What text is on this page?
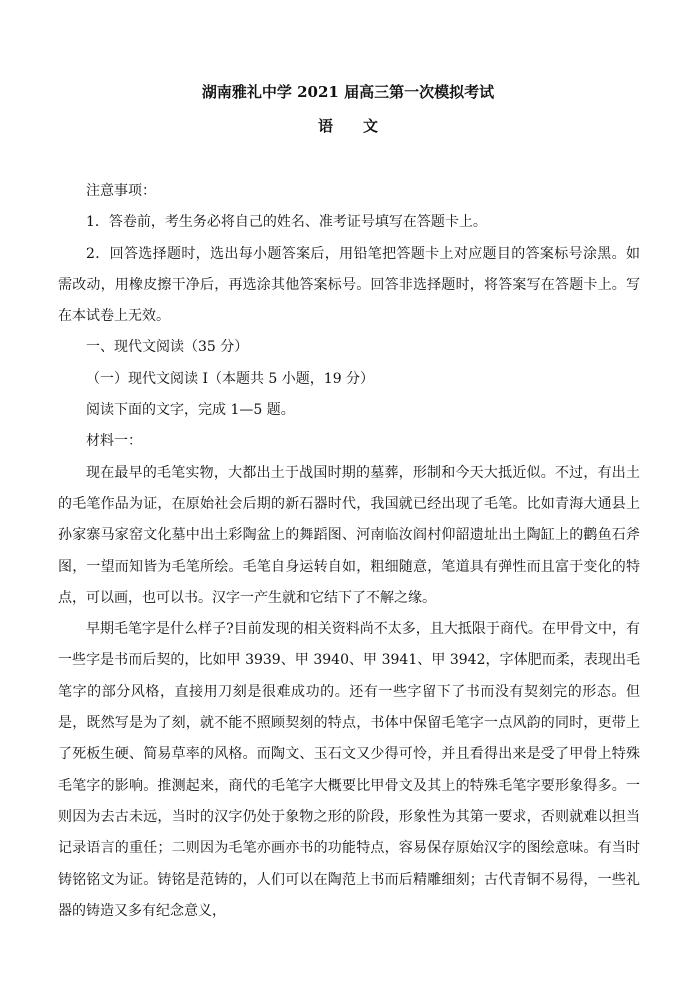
湖南雅礼中学 2021 届高三第一次模拟考试
语文

注意事项：

1．答卷前，考生务必将自己的姓名、准考证号填写在答题卡上。

2．回答选择题时，选出每小题答案后，用铅笔把答题卡上对应题目的答案标号涂黑。如需改动，用橡皮擦干净后，再选涂其他答案标号。回答非选择题时，将答案写在答题卡上。写在本试卷上无效。

一、现代文阅读（35 分）

（一）现代文阅读 I（本题共 5 小题，19 分）

阅读下面的文字，完成 1—5 题。

材料一：

现在最早的毛笔实物，大都出土于战国时期的墓葬，形制和今天大抵近似。不过，有出土的毛笔作品为证，在原始社会后期的新石器时代，我国就已经出现了毛笔。比如青海大通县上孙家寨马家窑文化墓中出土彩陶盆上的舞蹈图、河南临汝阎村仰韶遗址出土陶缸上的鹳鱼石斧图，一望而知皆为毛笔所绘。毛笔自身运转自如，粗细随意，笔道具有弹性而且富于变化的特点，可以画，也可以书。汉字一产生就和它结下了不解之缘。

早期毛笔字是什么样子?目前发现的相关资料尚不太多，且大抵限于商代。在甲骨文中，有一些字是书而后契的，比如甲 3939、甲 3940、甲 3941、甲 3942，字体肥而柔，表现出毛笔字的部分风格，直接用刀刻是很难成功的。还有一些字留下了书而没有契刻完的形态。但是，既然写是为了刻，就不能不照顾契刻的特点，书体中保留毛笔字一点风韵的同时，更带上了死板生硬、简易草率的风格。而陶文、玉石文又少得可怜，并且看得出来是受了甲骨上特殊毛笔字的影响。推测起来，商代的毛笔字大概要比甲骨文及其上的特殊毛笔字要形象得多。一则因为去古未远，当时的汉字仍处于象物之形的阶段，形象性为其第一要求，否则就难以担当记录语言的重任；二则因为毛笔亦画亦书的功能特点，容易保存原始汉字的图绘意味。有当时铸铭铭文为证。铸铭是范铸的，人们可以在陶范上书而后精雕细刻；古代青铜不易得，一些礼器的铸造又多有纪念意义，
